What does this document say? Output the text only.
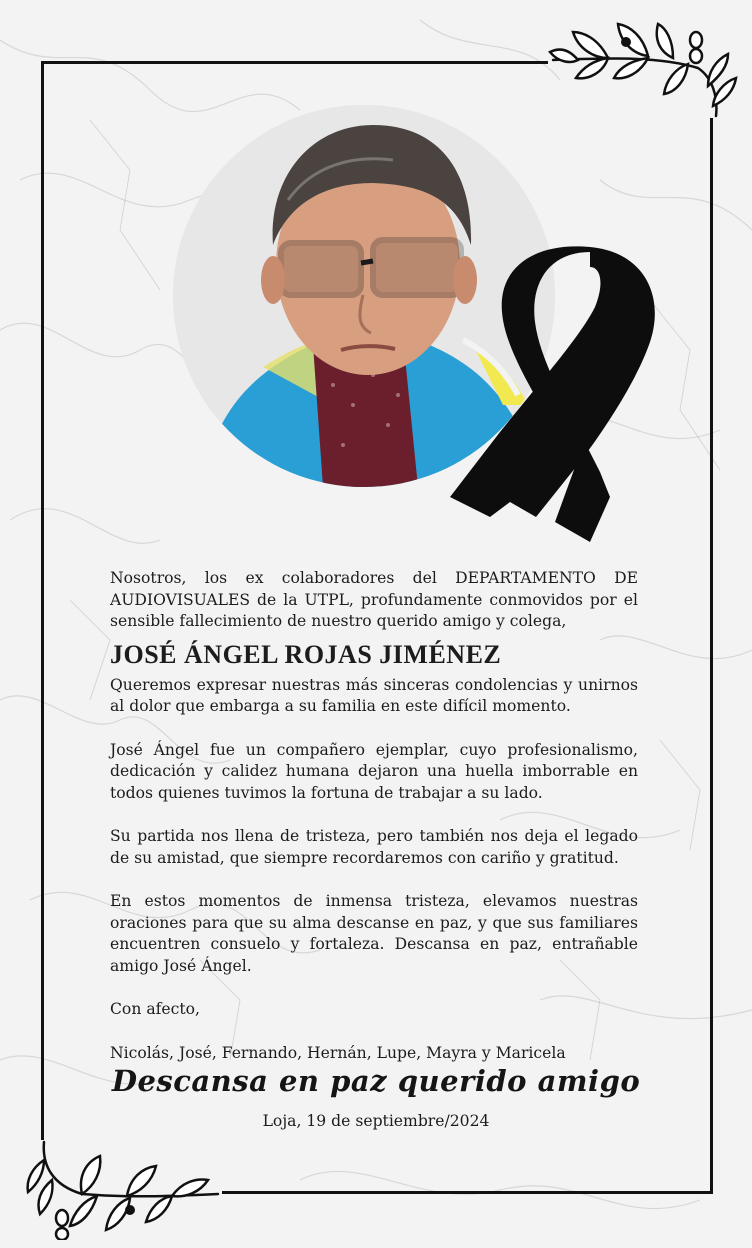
Nosotros, los ex colaboradores del DEPARTAMENTO DE AUDIOVISUALES de la UTPL, profundamente conmovidos por el sensible fallecimiento de nuestro querido amigo y colega,

JOSÉ ÁNGEL ROJAS JIMÉNEZ

Queremos expresar nuestras más sinceras condolencias y unirnos al dolor que embarga a su familia en este difícil momento.

José Ángel fue un compañero ejemplar, cuyo profesionalismo, dedicación y calidez humana dejaron una huella imborrable en todos quienes tuvimos la fortuna de trabajar a su lado.

Su partida nos llena de tristeza, pero también nos deja el legado de su amistad, que siempre recordaremos con cariño y gratitud.

En estos momentos de inmensa tristeza, elevamos nuestras oraciones para que su alma descanse en paz, y que sus familiares encuentren consuelo y fortaleza. Descansa en paz, entrañable amigo José Ángel.

Con afecto,

Nicolás, José, Fernando, Hernán, Lupe, Mayra y Maricela

Descansa en paz querido amigo
Loja, 19 de septiembre/2024
